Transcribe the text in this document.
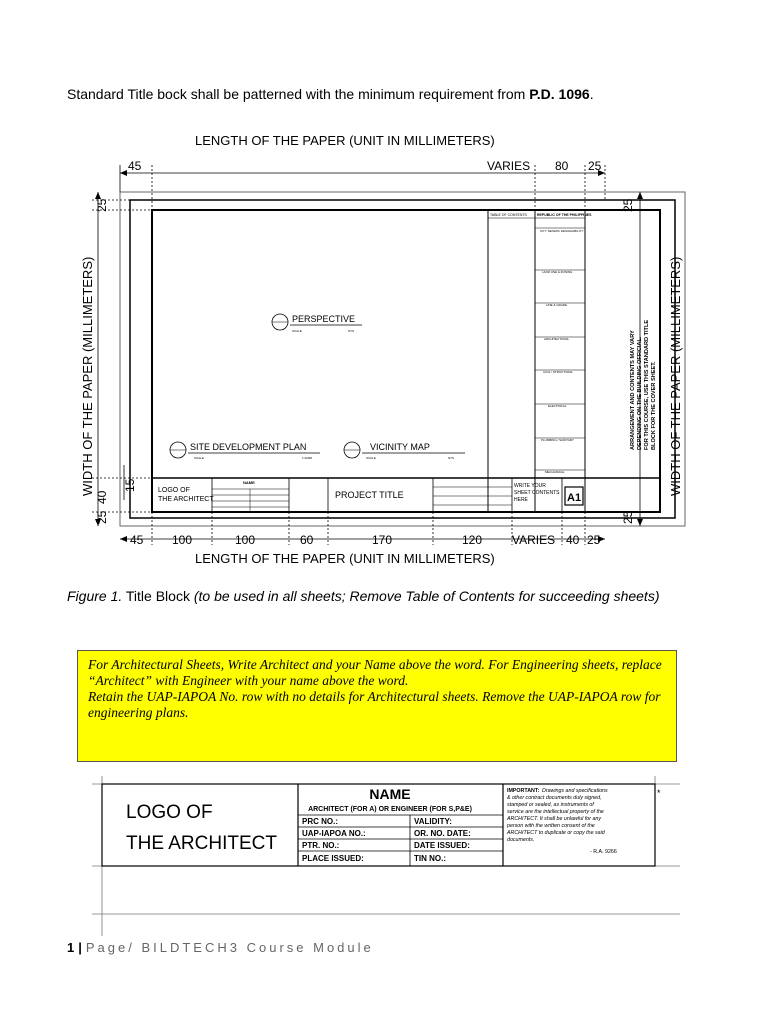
Standard Title bock shall be patterned with the minimum requirement from P.D. 1096.
LENGTH OF THE PAPER (UNIT IN MILLIMETERS)
LENGTH OF THE PAPER (UNIT IN MILLIMETERS)
WIDTH OF THE PAPER (MILLIMETERS)	WIDTH OF THE PAPER (MILLIMETERS)
45	VARIES 80 25
45 100	100	60	170	120 VARIES 40 25
25
15
40
25
25
25
PERSPECTIVE
SCALE	NTS
SITE DEVELOPMENT PLAN
SCALE	1:200M
VICINITY MAP
SCALE	NTS
LOGO OF
THE ARCHITECT
NAME
PROJECT TITLE
WRITE YOUR
SHEET CONTENTS
HERE	A1
TABLE OF CONTENTS	REPUBLIC OF THE PHILIPPINES
CITY SEISMIC DESIGNABILITY
LAND USE & ZONING
LINE & GRADE
ARCHITECTURAL
CIVIL / STRUCTURAL
ELECTRICAL
PLUMBING / SANITARY
MECHANICAL
ARRANGEMENT AND CONTENTS MAY VARY DEPENDING ON THE BUILDING OFFICIAL. FOR THIS COURSE, USE THIS STANDARD TITLE BLOCK FOR THE COVER SHEET.
Figure 1. Title Block (to be used in all sheets; Remove Table of Contents for succeeding sheets)

For Architectural Sheets, Write Architect and your Name above the word. For Engineering sheets, replace “Architect” with Engineer with your name above the word.

Retain the UAP-IAPOA No. row with no details for Architectural sheets. Remove the UAP-IAPOA row for engineering plans.

LOGO OF
THE ARCHITECT
NAME
ARCHITECT (FOR A) OR ENGINEER (FOR S,P&E)
PRC NO.:	VALIDITY:
UAP-IAPOA NO.:	OR. NO. DATE:
PTR. NO.:	DATE ISSUED:
PLACE ISSUED:	TIN NO.:
IMPORTANT: Drawings and specifications
& other contract documents duly signed,
stamped or sealed, as instruments of
service are the intellectual property of the
ARCHITECT. It shall be unlawful for any
person with the written consent of the
ARCHITECT to duplicate or copy the said
documents.
- R.A. 9266
*
1 | Page/ BILDTECH3 Course Module
